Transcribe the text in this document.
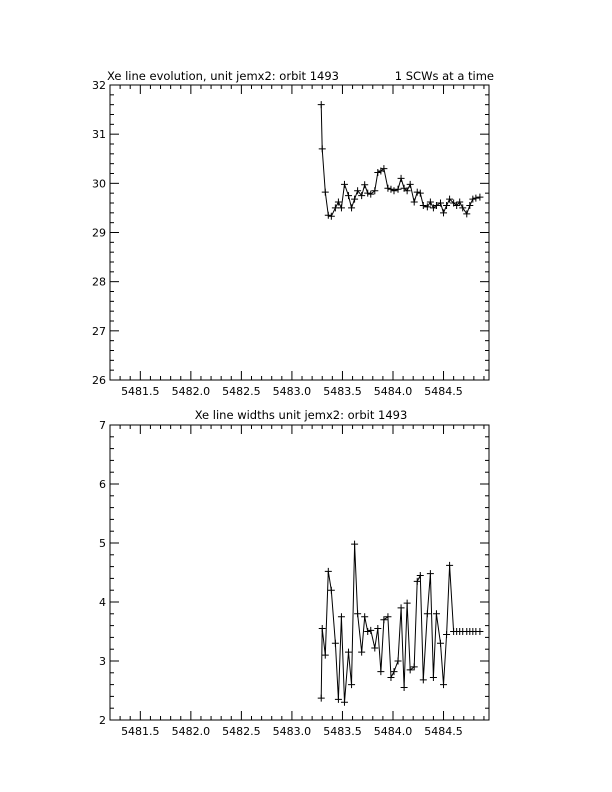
Xe line evolution, unit jemx2: orbit 1493	1 SCWs at a time
5481.5 5482.0 5482.5 5483.0 5483.5 5484.0 5484.5
26
27
28
29
30
31
32
Xe line widths unit jemx2: orbit 1493
5481.5 5482.0 5482.5 5483.0 5483.5 5484.0 5484.5
2
3
4
5
6
7
